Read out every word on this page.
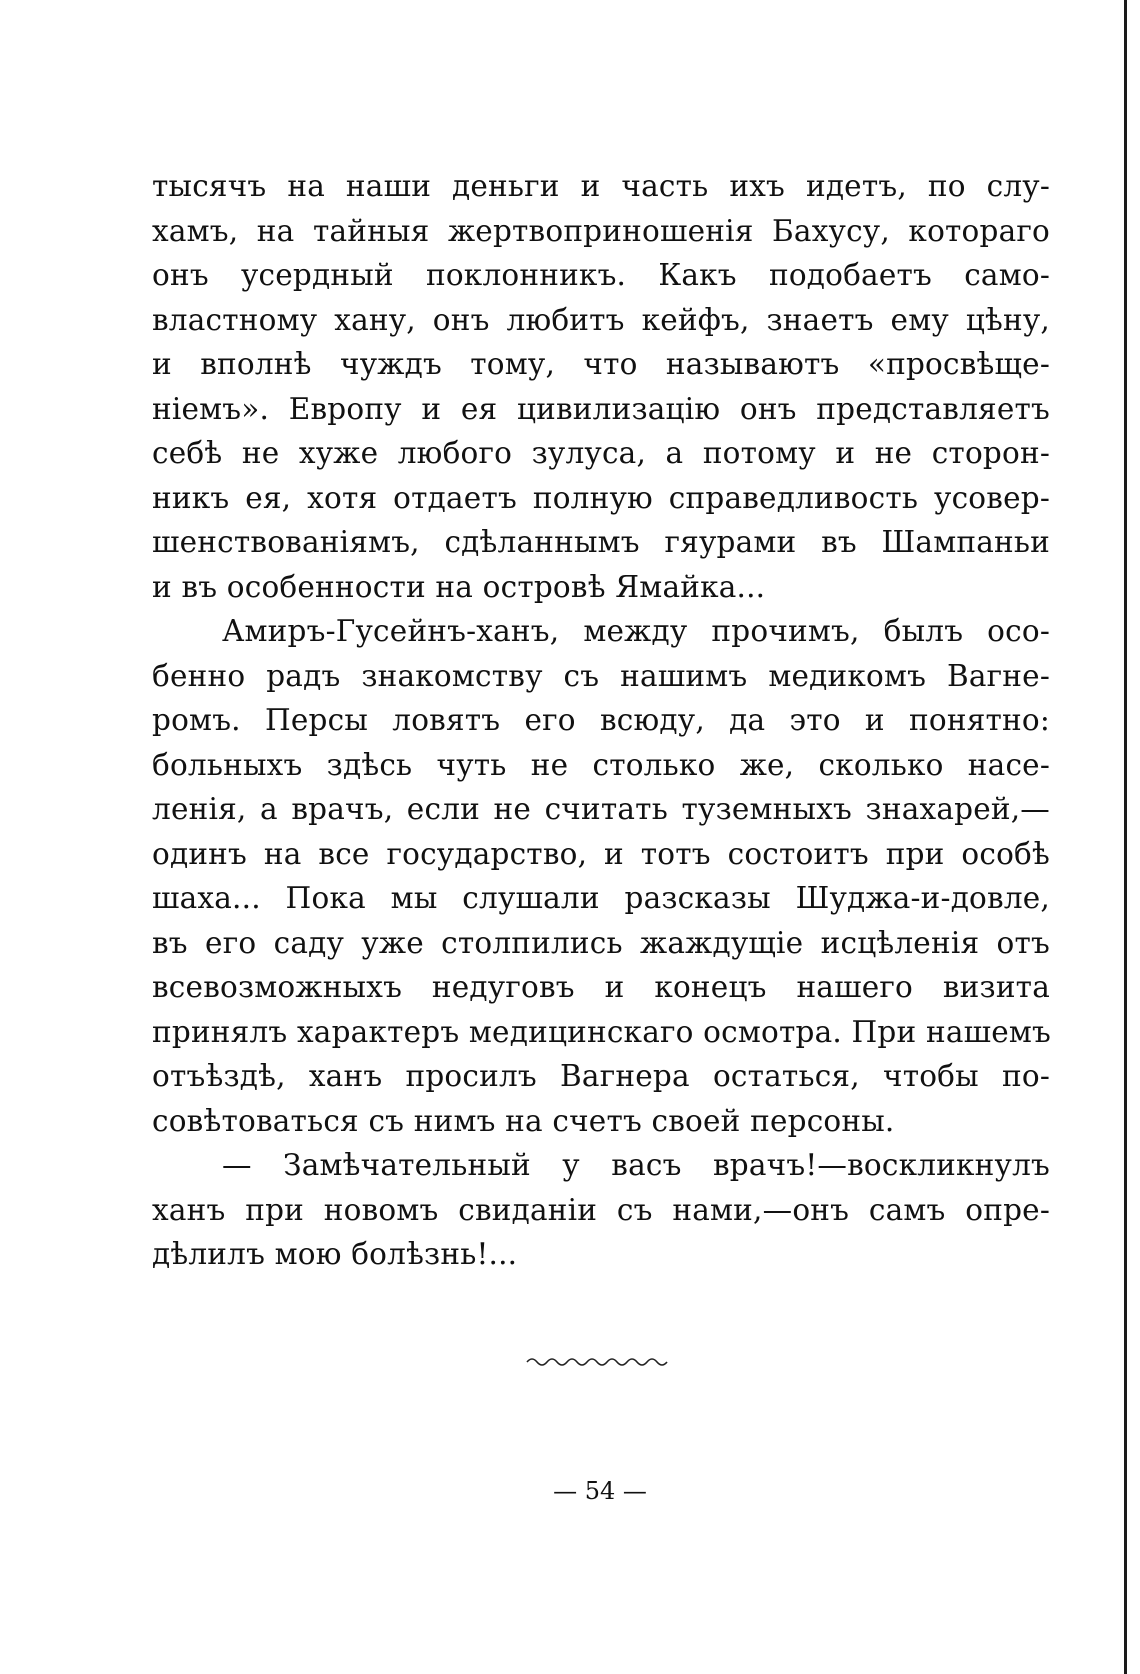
тысячъ на наши деньги и часть ихъ идетъ, по слу-
хамъ, на тайныя жертвоприношенія Бахусу, котораго
онъ усердный поклонникъ. Какъ подобаетъ само-
властному хану, онъ любитъ кейфъ, знаетъ ему цѣну,
и вполнѣ чуждъ тому, что называютъ «просвѣще-
ніемъ». Европу и ея цивилизацію онъ представляетъ
себѣ не хуже любого зулуса, а потому и не сторон-
никъ ея, хотя отдаетъ полную справедливость усовер-
шенствованіямъ, сдѣланнымъ гяурами въ Шампаньи
и въ особенности на островѣ Ямайка...
Амиръ-Гусейнъ-ханъ, между прочимъ, былъ осо-
бенно радъ знакомству съ нашимъ медикомъ Вагне-
ромъ. Персы ловятъ его всюду, да это и понятно:
больныхъ здѣсь чуть не столько же, сколько насе-
ленія, а врачъ, если не считать туземныхъ знахарей,—
одинъ на все государство, и тотъ состоитъ при особѣ
шаха... Пока мы слушали разсказы Шуджа-и-довле,
въ его саду уже столпились жаждущіе исцѣленія отъ
всевозможныхъ недуговъ и конецъ нашего визита
принялъ характеръ медицинскаго осмотра. При нашемъ
отъѣздѣ, ханъ просилъ Вагнера остаться, чтобы по-
совѣтоваться съ нимъ на счетъ своей персоны.
— Замѣчательный у васъ врачъ!—воскликнулъ
ханъ при новомъ свиданіи съ нами,—онъ самъ опре-
дѣлилъ мою болѣзнь!...
— 54 —
